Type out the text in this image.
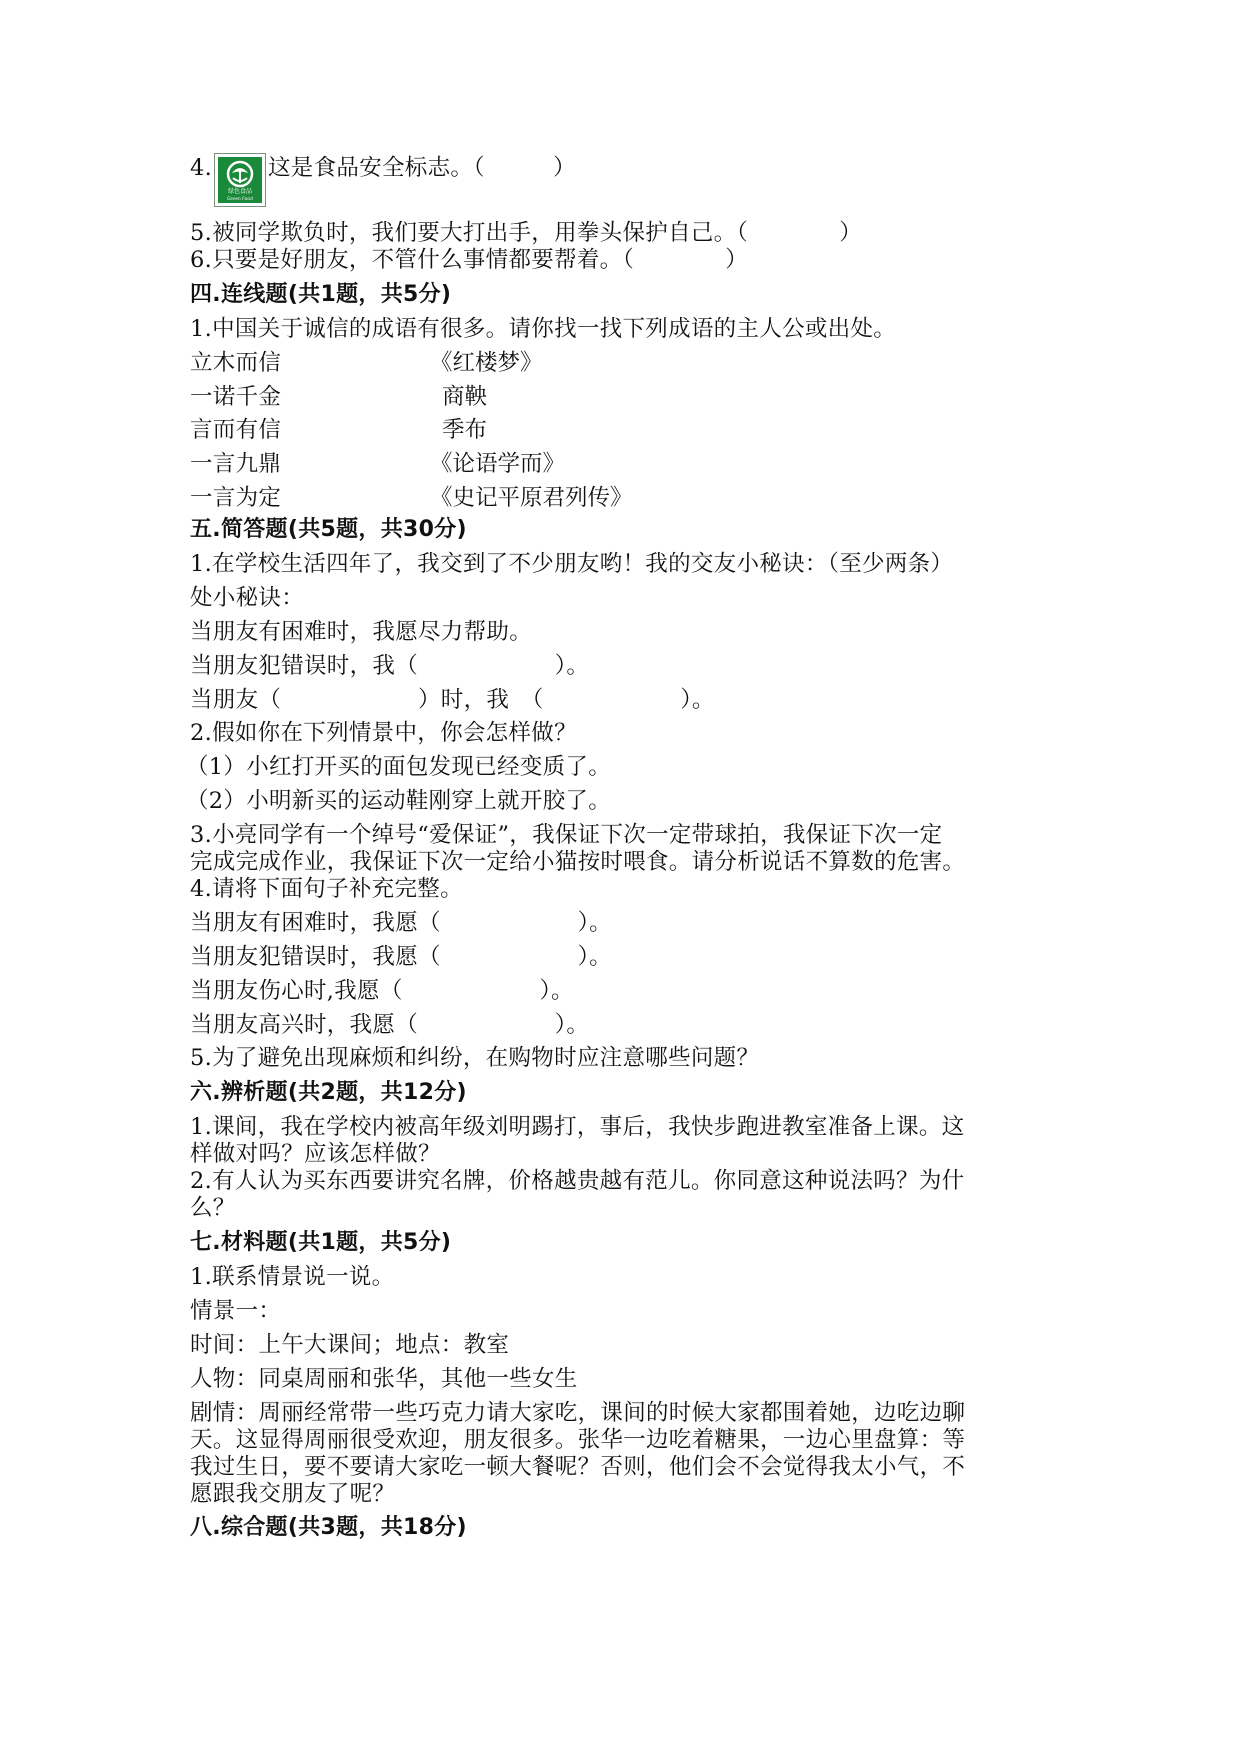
绿色食品
Green Food
4. 这是食品安全标志。（　　　）
5.被同学欺负时，我们要大打出手，用拳头保护自己。（　　　　）
6.只要是好朋友，不管什么事情都要帮着。（　　　　）
1.中国关于诚信的成语有很多。请你找一找下列成语的主人公或出处。
1.在学校生活四年了，我交到了不少朋友哟！我的交友小秘诀：（至少两条）
处小秘诀：
当朋友有困难时，我愿尽力帮助。
当朋友犯错误时，我（　　　　　　）。
当朋友（　　　　　　）时，我　（　　　　　　）。
2.假如你在下列情景中，你会怎样做？
（1）小红打开买的面包发现已经变质了。
（2）小明新买的运动鞋刚穿上就开胶了。
3.小亮同学有一个绰号“爱保证”，我保证下次一定带球拍，我保证下次一定
完成完成作业，我保证下次一定给小猫按时喂食。请分析说话不算数的危害。
4.请将下面句子补充完整。
当朋友有困难时，我愿（　　　　　　）。
当朋友犯错误时，我愿（　　　　　　）。
当朋友伤心时,我愿（　　　　　　）。
当朋友高兴时，我愿（　　　　　　）。
5.为了避免出现麻烦和纠纷，在购物时应注意哪些问题？
1.课间，我在学校内被高年级刘明踢打，事后，我快步跑进教室准备上课。这
样做对吗？应该怎样做？
2.有人认为买东西要讲究名牌，价格越贵越有范儿。你同意这种说法吗？为什
么？
1.联系情景说一说。
情景一：
时间：上午大课间；地点：教室
人物：同桌周丽和张华，其他一些女生
剧情：周丽经常带一些巧克力请大家吃，课间的时候大家都围着她，边吃边聊
天。这显得周丽很受欢迎，朋友很多。张华一边吃着糖果，一边心里盘算：等
我过生日，要不要请大家吃一顿大餐呢？否则，他们会不会觉得我太小气，不
愿跟我交朋友了呢？
四.连线题(共1题，共5分)
五.简答题(共5题，共30分)
六.辨析题(共2题，共12分)
七.材料题(共1题，共5分)
八.综合题(共3题，共18分)
立木而信
一诺千金
言而有信
一言九鼎
一言为定
《红楼梦》
商鞅
季布
《论语学而》
《史记平原君列传》
